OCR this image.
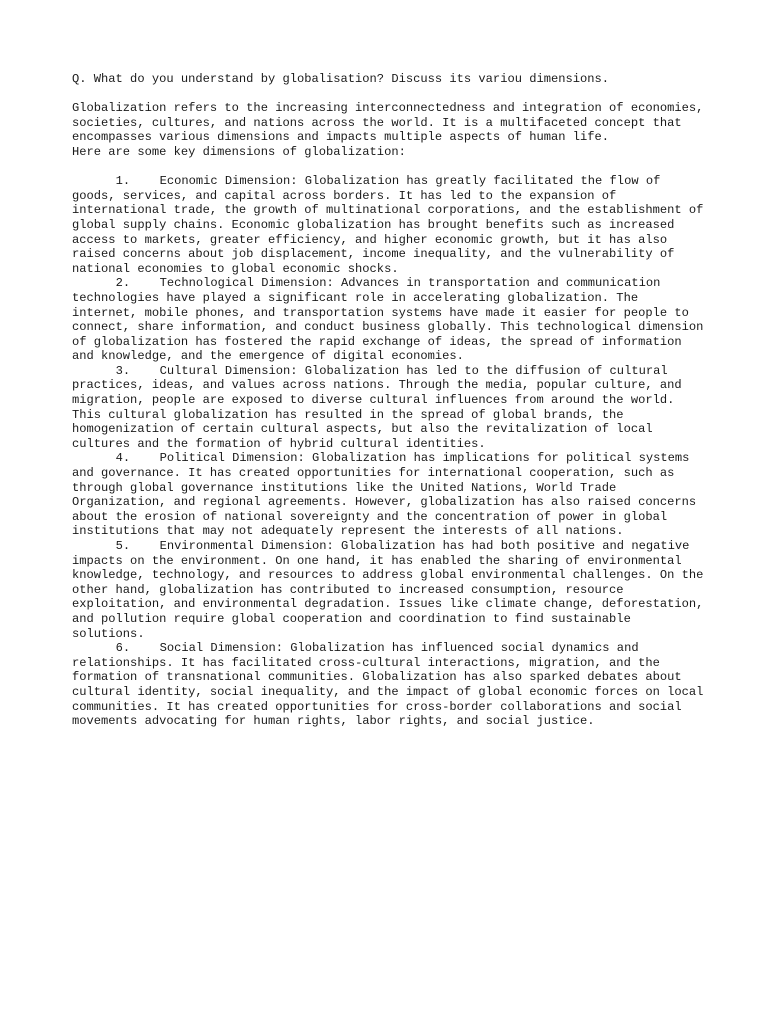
Q. What do you understand by globalisation? Discuss its variou dimensions.

Globalization refers to the increasing interconnectedness and integration of economies, societies, cultures, and nations across the world. It is a multifaceted concept that encompasses various dimensions and impacts multiple aspects of human life.

Here are some key dimensions of globalization:

1. Economic Dimension: Globalization has greatly facilitated the flow of goods, services, and capital across borders. It has led to the expansion of international trade, the growth of multinational corporations, and the establishment of global supply chains. Economic globalization has brought benefits such as increased access to markets, greater efficiency, and higher economic growth, but it has also raised concerns about job displacement, income inequality, and the vulnerability of national economies to global economic shocks.
2. Technological Dimension: Advances in transportation and communication technologies have played a significant role in accelerating globalization. The internet, mobile phones, and transportation systems have made it easier for people to connect, share information, and conduct business globally. This technological dimension of globalization has fostered the rapid exchange of ideas, the spread of information and knowledge, and the emergence of digital economies.
3. Cultural Dimension: Globalization has led to the diffusion of cultural practices, ideas, and values across nations. Through the media, popular culture, and migration, people are exposed to diverse cultural influences from around the world. This cultural globalization has resulted in the spread of global brands, the homogenization of certain cultural aspects, but also the revitalization of local cultures and the formation of hybrid cultural identities.
4. Political Dimension: Globalization has implications for political systems and governance. It has created opportunities for international cooperation, such as through global governance institutions like the United Nations, World Trade Organization, and regional agreements. However, globalization has also raised concerns about the erosion of national sovereignty and the concentration of power in global institutions that may not adequately represent the interests of all nations.
5. Environmental Dimension: Globalization has had both positive and negative impacts on the environment. On one hand, it has enabled the sharing of environmental knowledge, technology, and resources to address global environmental challenges. On the other hand, globalization has contributed to increased consumption, resource exploitation, and environmental degradation. Issues like climate change, deforestation, and pollution require global cooperation and coordination to find sustainable solutions.
6. Social Dimension: Globalization has influenced social dynamics and relationships. It has facilitated cross-cultural interactions, migration, and the formation of transnational communities. Globalization has also sparked debates about cultural identity, social inequality, and the impact of global economic forces on local communities. It has created opportunities for cross-border collaborations and social movements advocating for human rights, labor rights, and social justice.
